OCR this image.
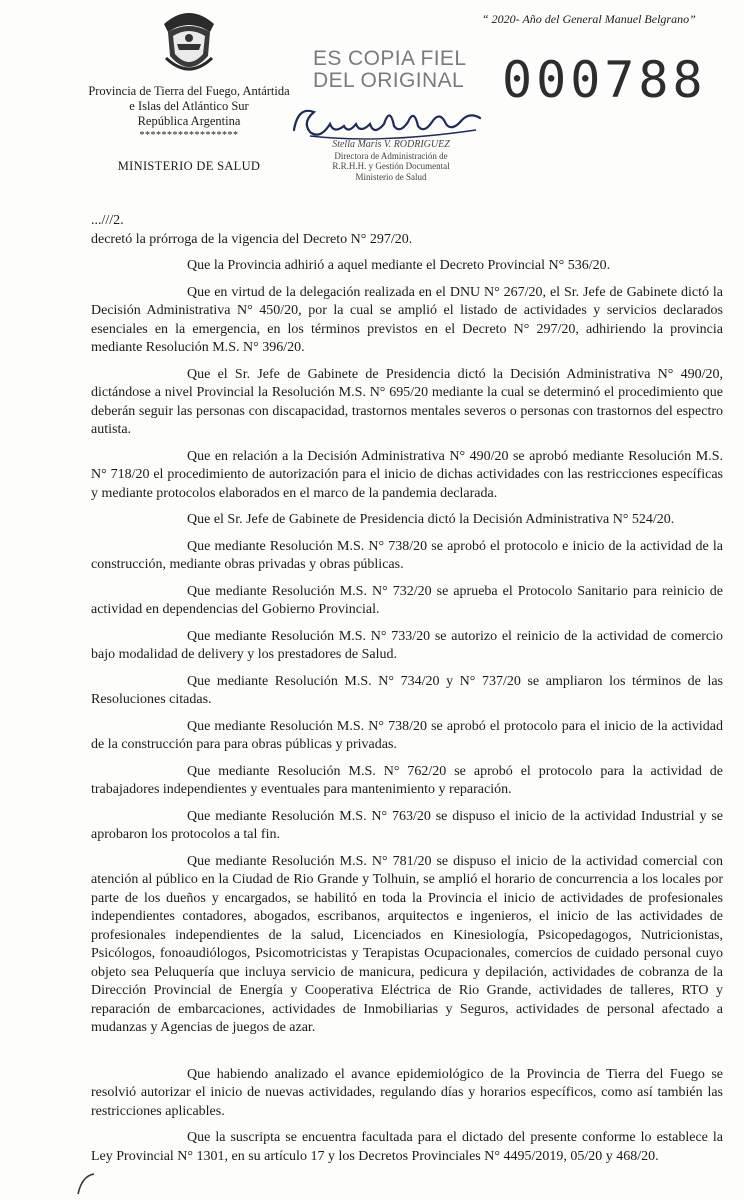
Provincia de Tierra del Fuego, Antártida
e Islas del Atlántico Sur
República Argentina
******************
MINISTERIO DE SALUD
“ 2020- Año del General Manuel Belgrano”
ES COPIA FIEL
DEL ORIGINAL 000788
Stella Maris V. RODRIGUEZ
Directora de Administración de
R.R.H.H. y Gestión Documental
Ministerio de Salud

...///2.

decretó la prórroga de la vigencia del Decreto N° 297/20.

Que la Provincia adhirió a aquel mediante el Decreto Provincial N° 536/20.

Que en virtud de la delegación realizada en el DNU N° 267/20, el Sr. Jefe de Gabinete dictó la Decisión Administrativa N° 450/20, por la cual se amplió el listado de actividades y servicios declarados esenciales en la emergencia, en los términos previstos en el Decreto N° 297/20, adhiriendo la provincia mediante Resolución M.S. N° 396/20.

Que el Sr. Jefe de Gabinete de Presidencia dictó la Decisión Administrativa N° 490/20, dictándose a nivel Provincial la Resolución M.S. N° 695/20 mediante la cual se determinó el procedimiento que deberán seguir las personas con discapacidad, trastornos mentales severos o personas con trastornos del espectro autista.

Que en relación a la Decisión Administrativa N° 490/20 se aprobó mediante Resolución M.S. N° 718/20 el procedimiento de autorización para el inicio de dichas actividades con las restricciones específicas y mediante protocolos elaborados en el marco de la pandemia declarada.

Que el Sr. Jefe de Gabinete de Presidencia dictó la Decisión Administrativa N° 524/20.

Que mediante Resolución M.S. N° 738/20 se aprobó el protocolo e inicio de la actividad de la construcción, mediante obras privadas y obras públicas.

Que mediante Resolución M.S. N° 732/20 se aprueba el Protocolo Sanitario para reinicio de actividad en dependencias del Gobierno Provincial.

Que mediante Resolución M.S. N° 733/20 se autorizo el reinicio de la actividad de comercio bajo modalidad de delivery y los prestadores de Salud.

Que mediante Resolución M.S. N° 734/20 y N° 737/20 se ampliaron los términos de las Resoluciones citadas.

Que mediante Resolución M.S. N° 738/20 se aprobó el protocolo para el inicio de la actividad de la construcción para para obras públicas y privadas.

Que mediante Resolución M.S. N° 762/20 se aprobó el protocolo para la actividad de trabajadores independientes y eventuales para mantenimiento y reparación.

Que mediante Resolución M.S. N° 763/20 se dispuso el inicio de la actividad Industrial y se aprobaron los protocolos a tal fin.

Que mediante Resolución M.S. N° 781/20 se dispuso el inicio de la actividad comercial con atención al público en la Ciudad de Rio Grande y Tolhuin, se amplió el horario de concurrencia a los locales por parte de los dueños y encargados, se habilitó en toda la Provincia el inicio de actividades de profesionales independientes contadores, abogados, escribanos, arquitectos e ingenieros, el inicio de las actividades de profesionales independientes de la salud, Licenciados en Kinesiología, Psicopedagogos, Nutricionistas, Psicólogos, fonoaudiólogos, Psicomotricistas y Terapistas Ocupacionales, comercios de cuidado personal cuyo objeto sea Peluquería que incluya servicio de manicura, pedicura y depilación, actividades de cobranza de la Dirección Provincial de Energía y Cooperativa Eléctrica de Rio Grande, actividades de talleres, RTO y reparación de embarcaciones, actividades de Inmobiliarias y Seguros, actividades de personal afectado a mudanzas y Agencias de juegos de azar.

Que habiendo analizado el avance epidemiológico de la Provincia de Tierra del Fuego se resolvió autorizar el inicio de nuevas actividades, regulando días y horarios específicos, como así también las restricciones aplicables.

Que la suscripta se encuentra facultada para el dictado del presente conforme lo establece la Ley Provincial N° 1301, en su artículo 17 y los Decretos Provinciales N° 4495/2019, 05/20 y 468/20.
